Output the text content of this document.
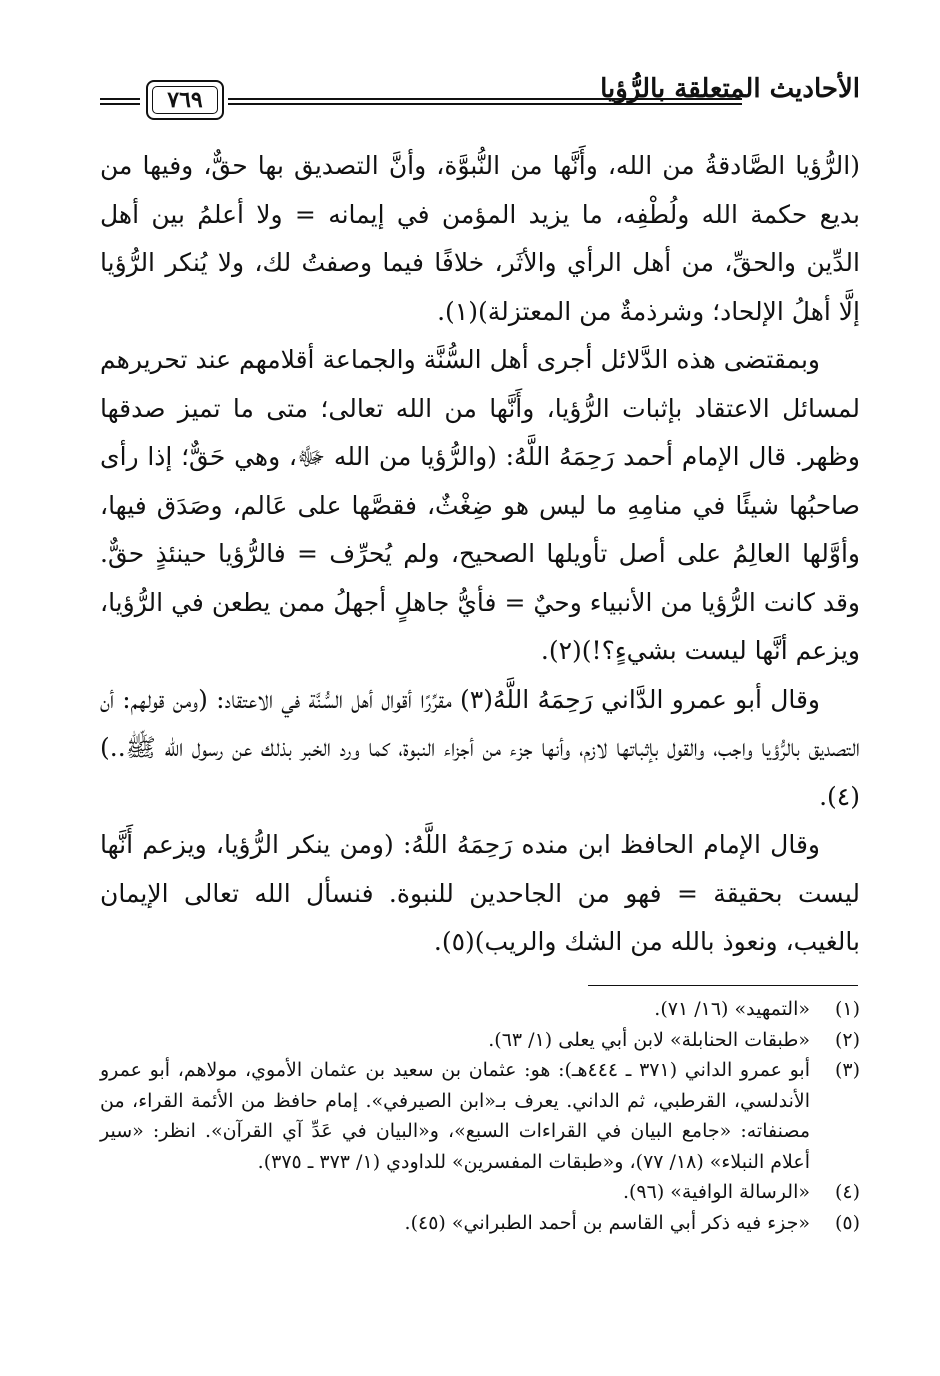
الأحاديث المتعلقة بالرُّؤيا
٧٦٩

(الرُّؤيا الصَّادقةُ من الله، وأَنَّها من النُّبوَّة، وأنَّ التصديق بها حقٌّ، وفيها من بديع حكمة الله ولُطْفِه، ما يزيد المؤمن في إيمانه = ولا أعلمُ بين أهل الدِّين والحقِّ، من أهل الرأي والأثَر، خلافًا فيما وصفتُ لك، ولا يُنكر الرُّؤيا إلَّا أهلُ الإلحاد؛ وشرذمةٌ من المعتزلة)(١).

وبمقتضى هذه الدَّلائل أجرى أهل السُّنَّة والجماعة أقلامهم عند تحريرهم لمسائل الاعتقاد بإثبات الرُّؤيا، وأَنَّها من الله تعالى؛ متى ما تميز صدقها وظهر. قال الإمام أحمد رَحِمَهُ اللَّهُ: (والرُّؤيا من الله ﷻ، وهي حَقٌّ؛ إذا رأى صاحبُها شيئًا في منامِهِ ما ليس هو ضِغْثٌ، فقصَّها على عَالم، وصَدَق فيها، وأوَّلها العالِمُ على أصل تأويلها الصحيح، ولم يُحرِّف = فالرُّؤيا حينئذٍ حقٌّ. وقد كانت الرُّؤيا من الأنبياء وحيٌ = فأيُّ جاهلٍ أجهلُ ممن يطعن في الرُّؤيا، ويزعم أنَّها ليست بشيءٍ؟!)(٢).

وقال أبو عمرو الدَّاني رَحِمَهُ اللَّهُ(٣) مقرِّرًا أقوال أهل السُّنَّة في الاعتقاد: (ومن قولهم: أن التصديق بالرُّؤيا واجب، والقول بإثباتها لازم، وأنها جزء من أجزاء النبوة، كما ورد الخبر بذلك عن رسول الله ﷺ..)(٤).

وقال الإمام الحافظ ابن منده رَحِمَهُ اللَّهُ: (ومن ينكر الرُّؤيا، ويزعم أَنَّها ليست بحقيقة = فهو من الجاحدين للنبوة. فنسأل الله تعالى الإيمان بالغيب، ونعوذ بالله من الشك والريب)(٥).

(١)
«التمهيد» (١٦/ ٧١).
(٢)
«طبقات الحنابلة» لابن أبي يعلى (١/ ٦٣).
(٣)
أبو عمرو الداني (٣٧١ ـ ٤٤٤هـ): هو: عثمان بن سعيد بن عثمان الأموي، مولاهم، أبو عمرو الأندلسي، القرطبي، ثم الداني. يعرف بـ«ابن الصيرفي». إمام حافظ من الأئمة القراء، من مصنفاته: «جامع البيان في القراءات السبع»، و«البيان في عَدِّ آي القرآن». انظر: «سير أعلام النبلاء» (١٨/ ٧٧)، و«طبقات المفسرين» للداودي (١/ ٣٧٣ ـ ٣٧٥).
(٤)
«الرسالة الوافية» (٩٦).
(٥)
«جزء فيه ذكر أبي القاسم بن أحمد الطبراني» (٤٥).
